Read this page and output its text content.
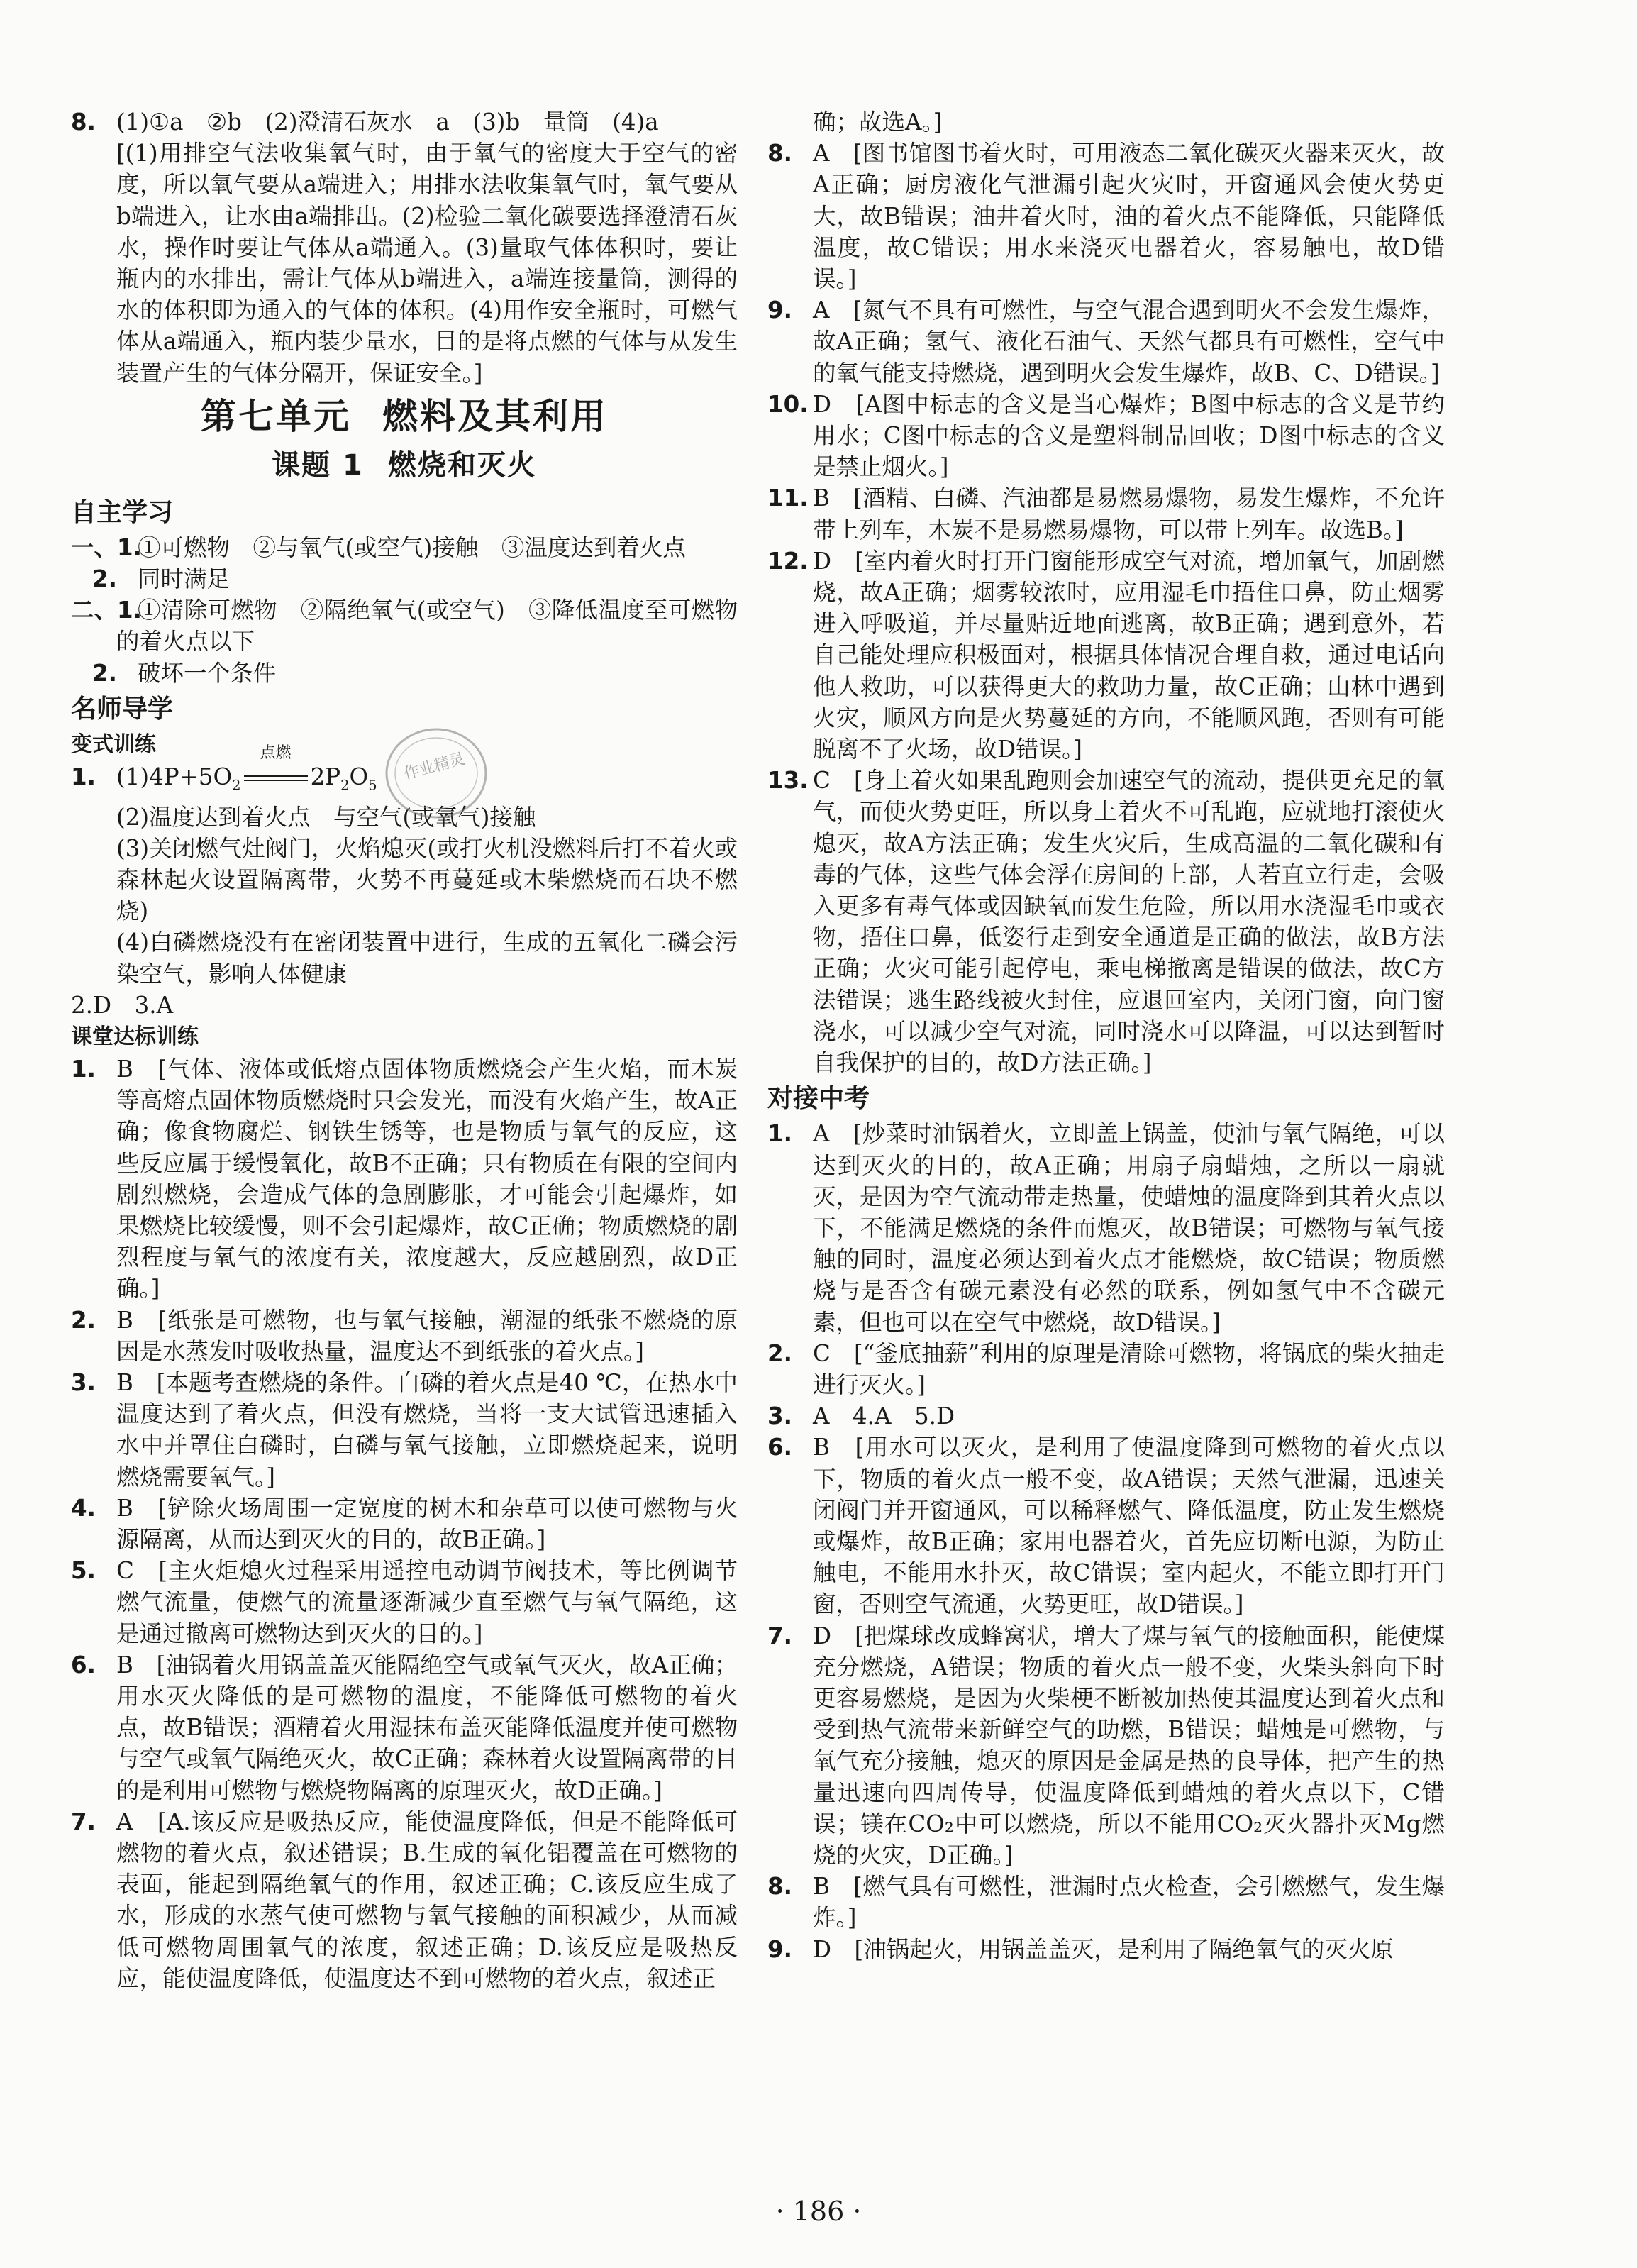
8. (1)①a　②b　(2)澄清石灰水　a　(3)b　量筒　(4)a
[(1)用排空气法收集氧气时，由于氧气的密度大于空气的密度，所以氧气要从a端进入；用排水法收集氧气时，氧气要从b端进入，让水由a端排出。(2)检验二氧化碳要选择澄清石灰水，操作时要让气体从a端通入。(3)量取气体体积时，要让瓶内的水排出，需让气体从b端进入，a端连接量筒，测得的水的体积即为通入的气体的体积。(4)用作安全瓶时，可燃气体从a端通入，瓶内装少量水，目的是将点燃的气体与从发生装置产生的气体分隔开，保证安全。]
第七单元 燃料及其利用
课题 1 燃烧和灭火
自主学习
一、1.
①可燃物　②与氧气(或空气)接触　③温度达到着火点
2. 同时满足
二、1.
①清除可燃物　②隔绝氧气(或空气)　③降低温度至可燃物的着火点以下
2. 破坏一个条件
名师导学
变式训练
1. $(1)4P+5O_2$
点燃
$2P_2O_5$
(2)温度达到着火点　与空气(或氧气)接触
(3)关闭燃气灶阀门，火焰熄灭(或打火机没燃料后打不着火或森林起火设置隔离带，火势不再蔓延或木柴燃烧而石块不燃烧)
(4)白磷燃烧没有在密闭装置中进行，生成的五氧化二磷会污染空气，影响人体健康
2.D　3.A
课堂达标训练
1. B　[气体、液体或低熔点固体物质燃烧会产生火焰，而木炭等高熔点固体物质燃烧时只会发光，而没有火焰产生，故A正确；像食物腐烂、钢铁生锈等，也是物质与氧气的反应，这些反应属于缓慢氧化，故B不正确；只有物质在有限的空间内剧烈燃烧，会造成气体的急剧膨胀，才可能会引起爆炸，如果燃烧比较缓慢，则不会引起爆炸，故C正确；物质燃烧的剧烈程度与氧气的浓度有关，浓度越大，反应越剧烈，故D正确。]
2. B　[纸张是可燃物，也与氧气接触，潮湿的纸张不燃烧的原因是水蒸发时吸收热量，温度达不到纸张的着火点。]
3. B　[本题考查燃烧的条件。白磷的着火点是40 ℃，在热水中温度达到了着火点，但没有燃烧，当将一支大试管迅速插入水中并罩住白磷时，白磷与氧气接触，立即燃烧起来，说明燃烧需要氧气。]
4. B　[铲除火场周围一定宽度的树木和杂草可以使可燃物与火源隔离，从而达到灭火的目的，故B正确。]
5. C　[主火炬熄火过程采用遥控电动调节阀技术，等比例调节燃气流量，使燃气的流量逐渐减少直至燃气与氧气隔绝，这是通过撤离可燃物达到灭火的目的。]
6. B　[油锅着火用锅盖盖灭能隔绝空气或氧气灭火，故A正确；用水灭火降低的是可燃物的温度，不能降低可燃物的着火点，故B错误；酒精着火用湿抹布盖灭能降低温度并使可燃物与空气或氧气隔绝灭火，故C正确；森林着火设置隔离带的目的是利用可燃物与燃烧物隔离的原理灭火，故D正确。]
7. A　[A.该反应是吸热反应，能使温度降低，但是不能降低可燃物的着火点，叙述错误；B.生成的氧化铝覆盖在可燃物的表面，能起到隔绝氧气的作用，叙述正确；C.该反应生成了水，形成的水蒸气使可燃物与氧气接触的面积减少，从而减低可燃物周围氧气的浓度，叙述正确；D.该反应是吸热反应，能使温度降低，使温度达不到可燃物的着火点，叙述正
作业精灵
确；故选A。]
8. A　[图书馆图书着火时，可用液态二氧化碳灭火器来灭火，故A正确；厨房液化气泄漏引起火灾时，开窗通风会使火势更大，故B错误；油井着火时，油的着火点不能降低，只能降低温度，故C错误；用水来浇灭电器着火，容易触电，故D错误。]
9. A　[氮气不具有可燃性，与空气混合遇到明火不会发生爆炸，故A正确；氢气、液化石油气、天然气都具有可燃性，空气中的氧气能支持燃烧，遇到明火会发生爆炸，故B、C、D错误。]
10. D　[A图中标志的含义是当心爆炸；B图中标志的含义是节约用水；C图中标志的含义是塑料制品回收；D图中标志的含义是禁止烟火。]
11. B　[酒精、白磷、汽油都是易燃易爆物，易发生爆炸，不允许带上列车，木炭不是易燃易爆物，可以带上列车。故选B。]
12. D　[室内着火时打开门窗能形成空气对流，增加氧气，加剧燃烧，故A正确；烟雾较浓时，应用湿毛巾捂住口鼻，防止烟雾进入呼吸道，并尽量贴近地面逃离，故B正确；遇到意外，若自己能处理应积极面对，根据具体情况合理自救，通过电话向他人救助，可以获得更大的救助力量，故C正确；山林中遇到火灾，顺风方向是火势蔓延的方向，不能顺风跑，否则有可能脱离不了火场，故D错误。]
13. C　[身上着火如果乱跑则会加速空气的流动，提供更充足的氧气，而使火势更旺，所以身上着火不可乱跑，应就地打滚使火熄灭，故A方法正确；发生火灾后，生成高温的二氧化碳和有毒的气体，这些气体会浮在房间的上部，人若直立行走，会吸入更多有毒气体或因缺氧而发生危险，所以用水浇湿毛巾或衣物，捂住口鼻，低姿行走到安全通道是正确的做法，故B方法正确；火灾可能引起停电，乘电梯撤离是错误的做法，故C方法错误；逃生路线被火封住，应退回室内，关闭门窗，向门窗浇水，可以减少空气对流，同时浇水可以降温，可以达到暂时自我保护的目的，故D方法正确。]
对接中考
1. A　[炒菜时油锅着火，立即盖上锅盖，使油与氧气隔绝，可以达到灭火的目的，故A正确；用扇子扇蜡烛，之所以一扇就灭，是因为空气流动带走热量，使蜡烛的温度降到其着火点以下，不能满足燃烧的条件而熄灭，故B错误；可燃物与氧气接触的同时，温度必须达到着火点才能燃烧，故C错误；物质燃烧与是否含有碳元素没有必然的联系，例如氢气中不含碳元素，但也可以在空气中燃烧，故D错误。]
2. C　[“釜底抽薪”利用的原理是清除可燃物，将锅底的柴火抽走进行灭火。]
3. A　4.A　5.D
6. B　[用水可以灭火，是利用了使温度降到可燃物的着火点以下，物质的着火点一般不变，故A错误；天然气泄漏，迅速关闭阀门并开窗通风，可以稀释燃气、降低温度，防止发生燃烧或爆炸，故B正确；家用电器着火，首先应切断电源，为防止触电，不能用水扑灭，故C错误；室内起火，不能立即打开门窗，否则空气流通，火势更旺，故D错误。]
7. D　[把煤球改成蜂窝状，增大了煤与氧气的接触面积，能使煤充分燃烧，A错误；物质的着火点一般不变，火柴头斜向下时更容易燃烧，是因为火柴梗不断被加热使其温度达到着火点和受到热气流带来新鲜空气的助燃，B错误；蜡烛是可燃物，与氧气充分接触，熄灭的原因是金属是热的良导体，把产生的热量迅速向四周传导，使温度降低到蜡烛的着火点以下，C错误；镁在CO₂中可以燃烧，所以不能用CO₂灭火器扑灭Mg燃烧的火灾，D正确。]
8. B　[燃气具有可燃性，泄漏时点火检查，会引燃燃气，发生爆炸。]
9. D　[油锅起火，用锅盖盖灭，是利用了隔绝氧气的灭火原
· 186 ·
